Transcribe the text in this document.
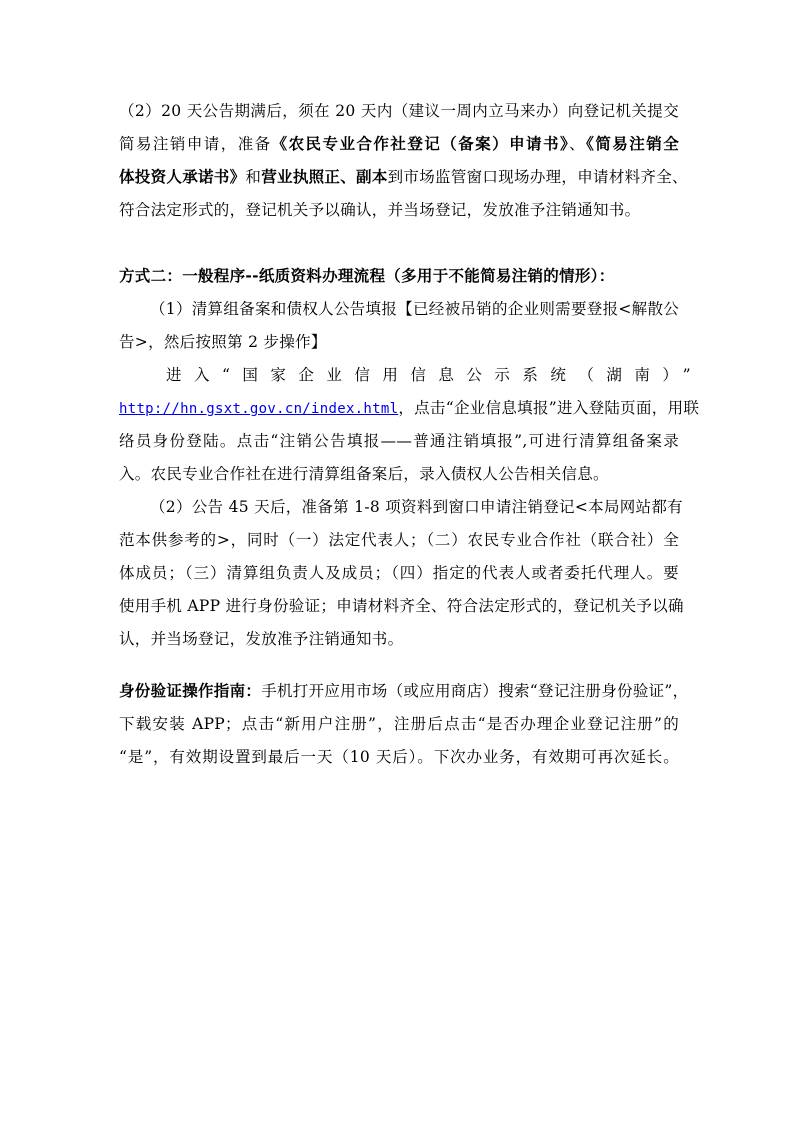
（2）20 天公告期满后，须在 20 天内（建议一周内立马来办）向登记机关提交
简易注销申请，准备《农民专业合作社登记（备案）申请书》、《简易注销全
体投资人承诺书》和营业执照正、副本到市场监管窗口现场办理，申请材料齐全、
符合法定形式的，登记机关予以确认，并当场登记，发放准予注销通知书。
方式二：一般程序--纸质资料办理流程（多用于不能简易注销的情形）：
（1）清算组备案和债权人公告填报【已经被吊销的企业则需要登报<解散公
告>，然后按照第 2 步操作】
进入“国家企业信用信息公示系统（湖南）”
http://hn.gsxt.gov.cn/index.html，点击“企业信息填报”进入登陆页面，用联
络员身份登陆。点击“注销公告填报——普通注销填报”,可进行清算组备案录
入。农民专业合作社在进行清算组备案后，录入债权人公告相关信息。
（2）公告 45 天后，准备第 1-8 项资料到窗口申请注销登记<本局网站都有
范本供参考的>，同时（一）法定代表人；（二）农民专业合作社（联合社）全
体成员；（三）清算组负责人及成员；（四）指定的代表人或者委托代理人。要
使用手机 APP 进行身份验证；申请材料齐全、符合法定形式的，登记机关予以确
认，并当场登记，发放准予注销通知书。
身份验证操作指南：手机打开应用市场（或应用商店）搜索“登记注册身份验证”，
下载安装 APP；点击“新用户注册”，注册后点击“是否办理企业登记注册”的
“是”，有效期设置到最后一天（10 天后）。下次办业务，有效期可再次延长。
